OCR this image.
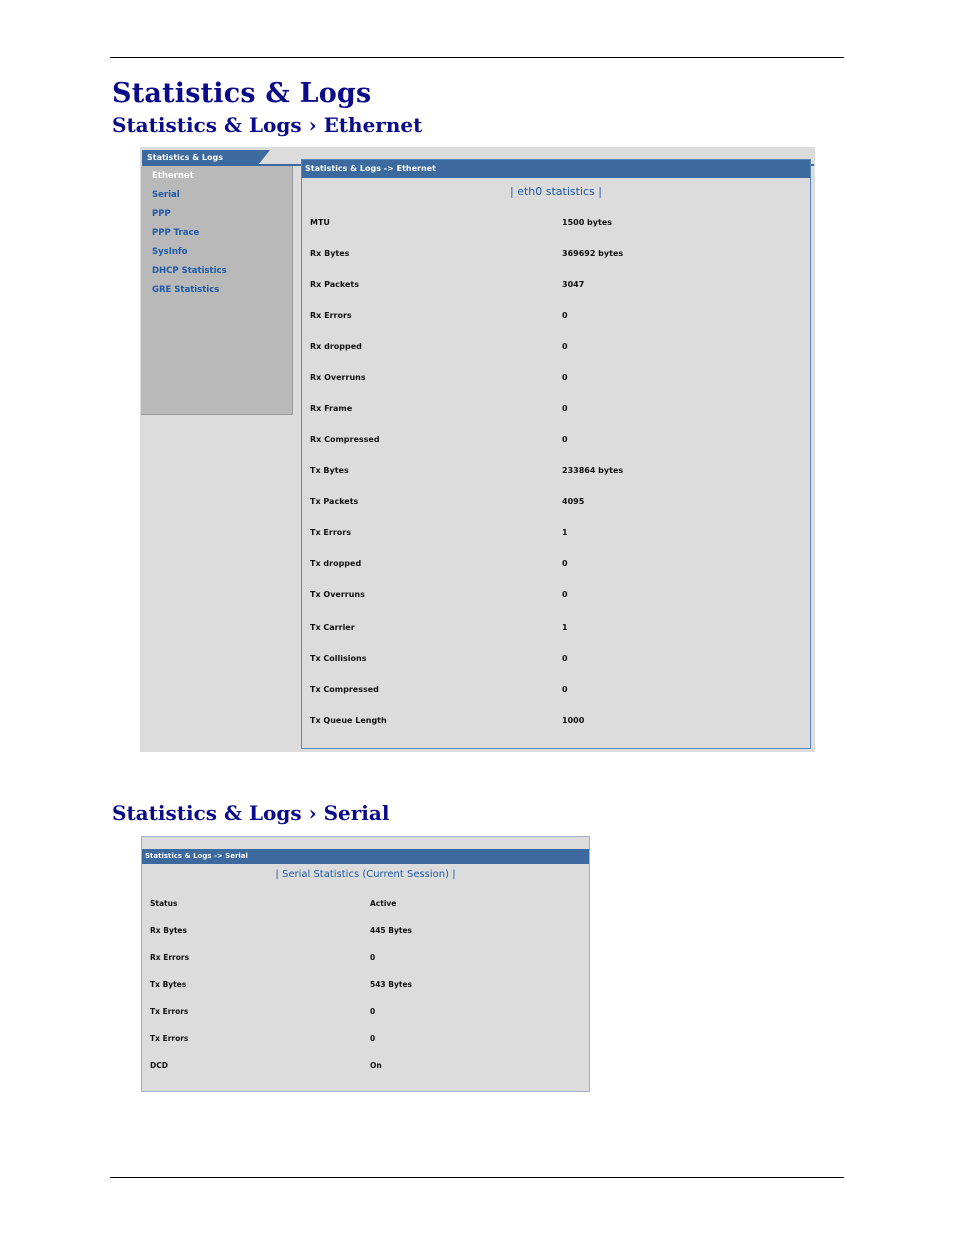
Statistics & Logs
Statistics & Logs › Ethernet
Statistics & Logs
Ethernet
Serial
PPP
PPP Trace
SysInfo
DHCP Statistics
GRE Statistics
Statistics & Logs -> Ethernet
| eth0 statistics |
MTU	1500 bytes
Rx Bytes	369692 bytes
Rx Packets	3047
Rx Errors	0
Rx dropped	0
Rx Overruns	0
Rx Frame	0
Rx Compressed	0
Tx Bytes	233864 bytes
Tx Packets	4095
Tx Errors	1
Tx dropped	0
Tx Overruns	0
Tx Carrier	1
Tx Collisions	0
Tx Compressed	0
Tx Queue Length	1000
Statistics & Logs › Serial
Statistics & Logs -> Serial
| Serial Statistics (Current Session) |
Status	Active
Rx Bytes	445 Bytes
Rx Errors	0
Tx Bytes	543 Bytes
Tx Errors	0
Tx Errors	0
DCD	On
